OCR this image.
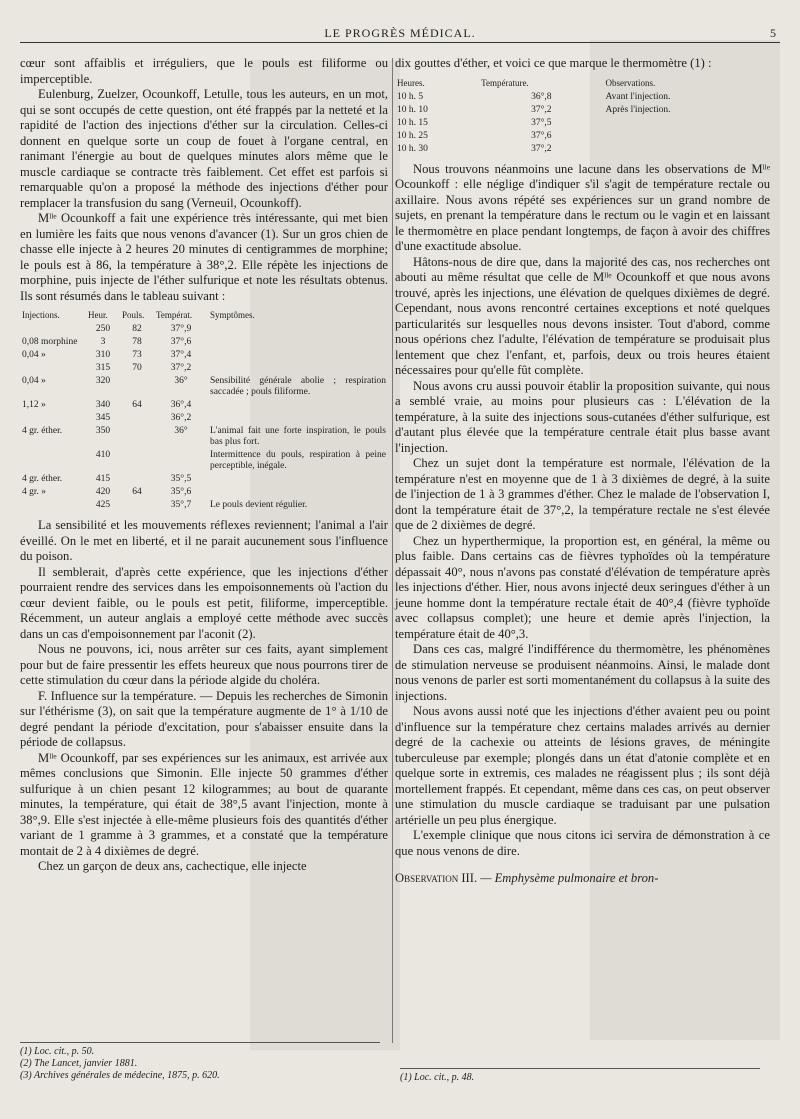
LE PROGRÈS MÉDICAL.	5

cœur sont affaiblis et irréguliers, que le pouls est filiforme ou imperceptible.

Eulenburg, Zuelzer, Ocounkoff, Letulle, tous les auteurs, en un mot, qui se sont occupés de cette question, ont été frappés par la netteté et la rapidité de l'action des injections d'éther sur la circulation. Celles-ci donnent en quelque sorte un coup de fouet à l'organe central, en ranimant l'énergie au bout de quelques minutes alors même que le muscle cardiaque se contracte très faiblement. Cet effet est parfois si remarquable qu'on a proposé la méthode des injections d'éther pour remplacer la transfusion du sang (Verneuil, Ocounkoff).

Mˡˡᵉ Ocounkoff a fait une expérience très intéressante, qui met bien en lumière les faits que nous venons d'avancer (1). Sur un gros chien de chasse elle injecte à 2 heures 20 minutes di centigrammes de morphine; le pouls est à 86, la température à 38°,2. Elle répète les injections de morphine, puis injecte de l'éther sulfurique et note les résultats obtenus. Ils sont résumés dans le tableau suivant :

Injections.	Heur.	Pouls.	Températ.	Symptômes.
	250	82	37°,9	
0,08 morphine	3	78	37°,6	
0,04 »	310	73	37°,4	
	315	70	37°,2	
0,04 »	320		36°	Sensibilité générale abolie ; respiration saccadée ; pouls filiforme.
1,12 »	340	64	36°,4	
	345		36°,2	
4 gr. éther.	350		36°	L'animal fait une forte inspiration, le pouls bas plus fort.
	410			Intermittence du pouls, respiration à peine perceptible, inégale.
4 gr. éther.	415		35°,5	
4 gr. »	420	64	35°,6	
	425		35°,7	Le pouls devient régulier.

La sensibilité et les mouvements réflexes reviennent; l'animal a l'air éveillé. On le met en liberté, et il ne parait aucunement sous l'influence du poison.

Il semblerait, d'après cette expérience, que les injections d'éther pourraient rendre des services dans les empoisonnements où l'action du cœur devient faible, ou le pouls est petit, filiforme, imperceptible. Récemment, un auteur anglais a employé cette méthode avec succès dans un cas d'empoisonnement par l'aconit (2).

Nous ne pouvons, ici, nous arrêter sur ces faits, ayant simplement pour but de faire pressentir les effets heureux que nous pourrons tirer de cette stimulation du cœur dans la période algide du choléra.

F. Influence sur la température. — Depuis les recherches de Simonin sur l'éthérisme (3), on sait que la température augmente de 1° à 1/10 de degré pendant la période d'excitation, pour s'abaisser ensuite dans la période de collapsus.

Mˡˡᵉ Ocounkoff, par ses expériences sur les animaux, est arrivée aux mêmes conclusions que Simonin. Elle injecte 50 grammes d'éther sulfurique à un chien pesant 12 kilogrammes; au bout de quarante minutes, la température, qui était de 38°,5 avant l'injection, monte à 38°,9. Elle s'est injectée à elle-même plusieurs fois des quantités d'éther variant de 1 gramme à 3 grammes, et a constaté que la température montait de 2 à 4 dixièmes de degré.

Chez un garçon de deux ans, cachectique, elle injecte

(1) Loc. cit., p. 50.
(2) The Lancet, janvier 1881.
(3) Archives générales de médecine, 1875, p. 620.

dix gouttes d'éther, et voici ce que marque le thermomètre (1) :

Heures.	Température.	Observations.
10 h. 5	36°,8	Avant l'injection.
10 h. 10	37°,2	Après l'injection.
10 h. 15	37°,5	
10 h. 25	37°,6	
10 h. 30	37°,2	

Nous trouvons néanmoins une lacune dans les observations de Mˡˡᵉ Ocounkoff : elle néglige d'indiquer s'il s'agit de température rectale ou axillaire. Nous avons répété ses expériences sur un grand nombre de sujets, en prenant la température dans le rectum ou le vagin et en laissant le thermomètre en place pendant longtemps, de façon à avoir des chiffres d'une exactitude absolue.

Hâtons-nous de dire que, dans la majorité des cas, nos recherches ont abouti au même résultat que celle de Mˡˡᵉ Ocounkoff et que nous avons trouvé, après les injections, une élévation de quelques dixièmes de degré. Cependant, nous avons rencontré certaines exceptions et noté quelques particularités sur lesquelles nous devons insister. Tout d'abord, comme nous opérions chez l'adulte, l'élévation de température se produisait plus lentement que chez l'enfant, et, parfois, deux ou trois heures étaient nécessaires pour qu'elle fût complète.

Nous avons cru aussi pouvoir établir la proposition suivante, qui nous a semblé vraie, au moins pour plusieurs cas : L'élévation de la température, à la suite des injections sous-cutanées d'éther sulfurique, est d'autant plus élevée que la température centrale était plus basse avant l'injection.

Chez un sujet dont la température est normale, l'élévation de la température n'est en moyenne que de 1 à 3 dixièmes de degré, à la suite de l'injection de 1 à 3 grammes d'éther. Chez le malade de l'observation I, dont la température était de 37°,2, la température rectale ne s'est élevée que de 2 dixièmes de degré.

Chez un hyperthermique, la proportion est, en général, la même ou plus faible. Dans certains cas de fièvres typhoïdes où la température dépassait 40°, nous n'avons pas constaté d'élévation de température après les injections d'éther. Hier, nous avons injecté deux seringues d'éther à un jeune homme dont la température rectale était de 40°,4 (fièvre typhoïde avec collapsus complet); une heure et demie après l'injection, la température était de 40°,3.

Dans ces cas, malgré l'indifférence du thermomètre, les phénomènes de stimulation nerveuse se produisent néanmoins. Ainsi, le malade dont nous venons de parler est sorti momentanément du collapsus à la suite des injections.

Nous avons aussi noté que les injections d'éther avaient peu ou point d'influence sur la température chez certains malades arrivés au dernier degré de la cachexie ou atteints de lésions graves, de méningite tuberculeuse par exemple; plongés dans un état d'atonie complète et en quelque sorte in extremis, ces malades ne réagissent plus ; ils sont déjà mortellement frappés. Et cependant, même dans ces cas, on peut observer une stimulation du muscle cardiaque se traduisant par une pulsation artérielle un peu plus énergique.

L'exemple clinique que nous citons ici servira de démonstration à ce que nous venons de dire.

Observation III. — Emphysème pulmonaire et bron-

(1) Loc. cit., p. 48.
